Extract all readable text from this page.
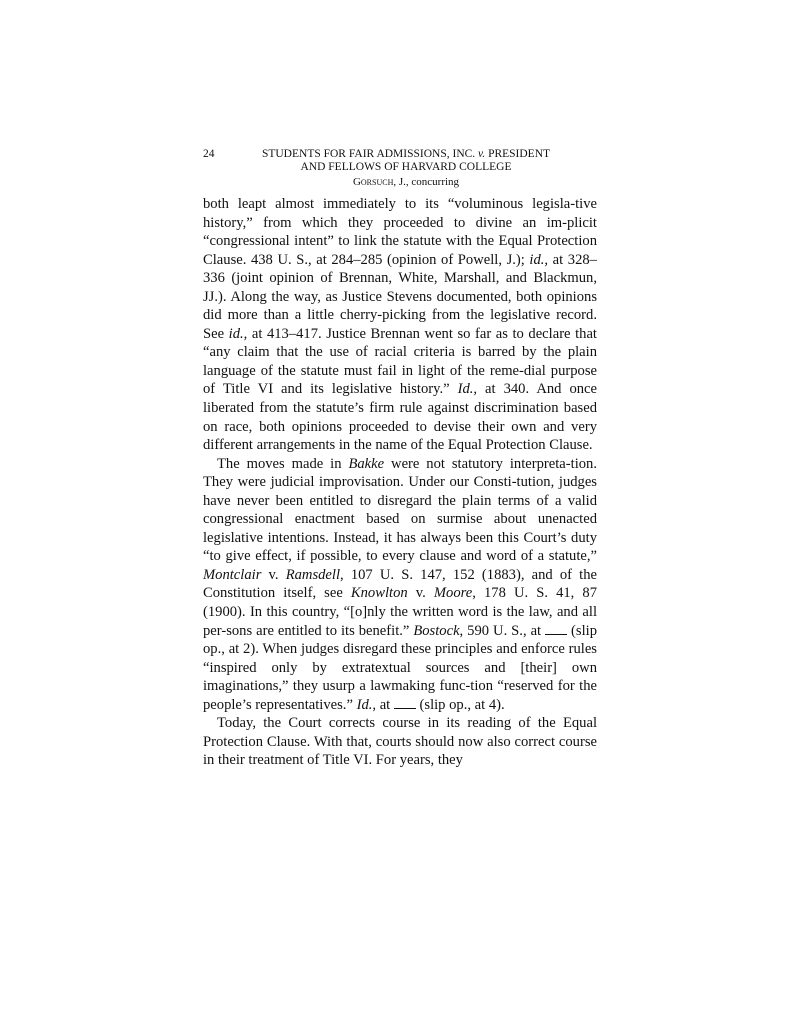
24	STUDENTS FOR FAIR ADMISSIONS, INC. v. PRESIDENT
AND FELLOWS OF HARVARD COLLEGE
Gorsuch, J., concurring

both leapt almost immediately to its “voluminous legisla-tive history,” from which they proceeded to divine an im-plicit “congressional intent” to link the statute with the Equal Protection Clause. 438 U. S., at 284–285 (opinion of Powell, J.); id., at 328–336 (joint opinion of Brennan, White, Marshall, and Blackmun, JJ.). Along the way, as Justice Stevens documented, both opinions did more than a little cherry-picking from the legislative record. See id., at 413–417. Justice Brennan went so far as to declare that “any claim that the use of racial criteria is barred by the plain language of the statute must fail in light of the reme-dial purpose of Title VI and its legislative history.” Id., at 340. And once liberated from the statute’s firm rule against discrimination based on race, both opinions proceeded to devise their own and very different arrangements in the name of the Equal Protection Clause.

The moves made in Bakke were not statutory interpreta-tion. They were judicial improvisation. Under our Consti-tution, judges have never been entitled to disregard the plain terms of a valid congressional enactment based on surmise about unenacted legislative intentions. Instead, it has always been this Court’s duty “to give effect, if possible, to every clause and word of a statute,” Montclair v. Ramsdell, 107 U. S. 147, 152 (1883), and of the Constitution itself, see Knowlton v. Moore, 178 U. S. 41, 87 (1900). In this country, “[o]nly the written word is the law, and all per-sons are entitled to its benefit.” Bostock, 590 U. S., at  (slip op., at 2). When judges disregard these principles and enforce rules “inspired only by extratextual sources and [their] own imaginations,” they usurp a lawmaking func-tion “reserved for the people’s representatives.” Id., at  (slip op., at 4).

Today, the Court corrects course in its reading of the Equal Protection Clause. With that, courts should now also correct course in their treatment of Title VI. For years, they
